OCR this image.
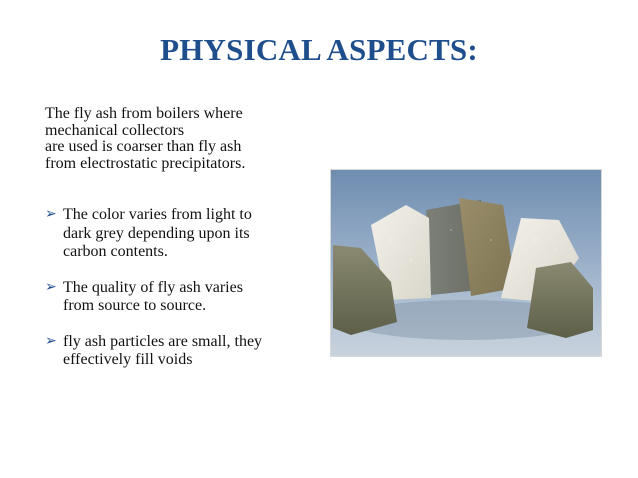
PHYSICAL ASPECTS:
The fly ash from boilers where
mechanical collectors
are used is coarser than fly ash
from electrostatic precipitators.
➢ The color varies from light to
dark grey depending upon its
carbon contents.
➢ The quality of fly ash varies
from source to source.
➢ fly ash particles are small, they
effectively fill voids
